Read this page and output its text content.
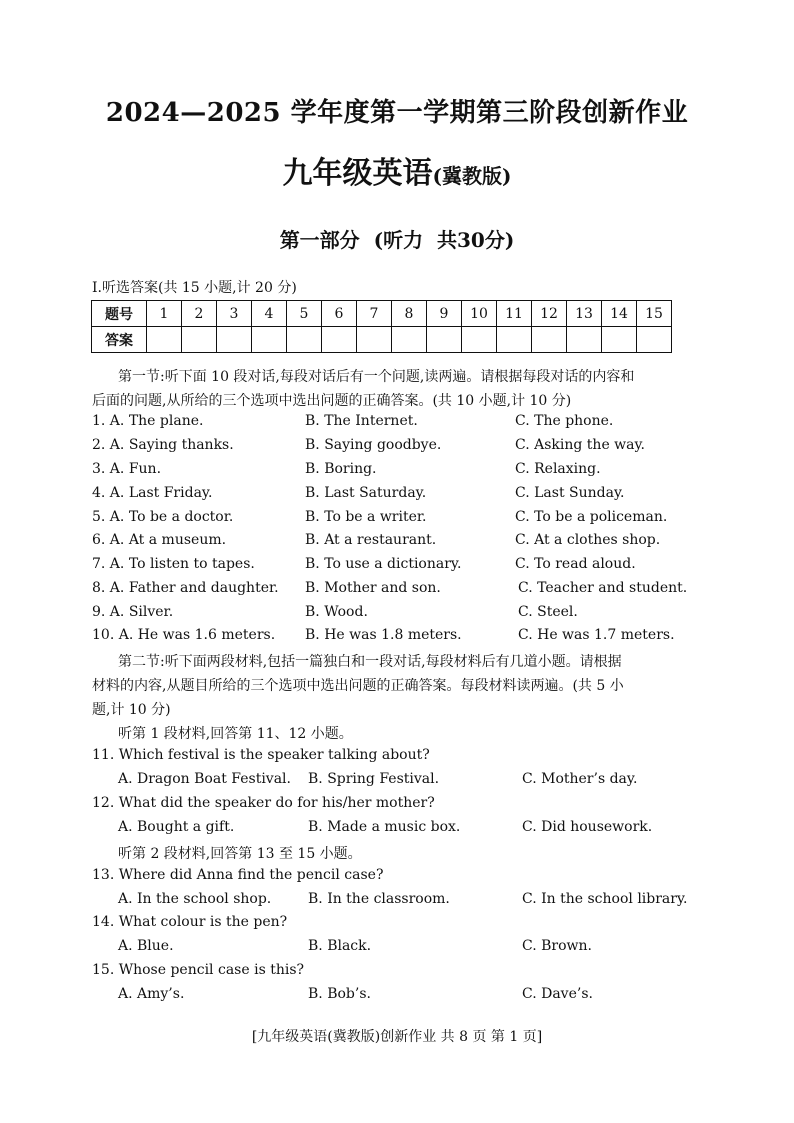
2024—2025 学年度第一学期第三阶段创新作业
九年级英语(冀教版)
第一部分  (听力  共30分)
Ⅰ.听选答案(共 15 小题,计 20 分)
题号	1	2	3	4	5	6	7	8	9	10	11	12	13	14	15
答案															
第一节:听下面 10 段对话,每段对话后有一个问题,读两遍。请根据每段对话的内容和
后面的问题,从所给的三个选项中选出问题的正确答案。(共 10 小题,计 10 分)
1. A. The plane.	B. The Internet.	C. The phone.
2. A. Saying thanks.	B. Saying goodbye.	C. Asking the way.
3. A. Fun.	B. Boring.	C. Relaxing.
4. A. Last Friday.	B. Last Saturday.	C. Last Sunday.
5. A. To be a doctor.	B. To be a writer.	C. To be a policeman.
6. A. At a museum.	B. At a restaurant.	C. At a clothes shop.
7. A. To listen to tapes.	B. To use a dictionary.	C. To read aloud.
8. A. Father and daughter. B. Mother and son.	C. Teacher and student.
9. A. Silver.	B. Wood.	C. Steel.
10. A. He was 1.6 meters. B. He was 1.8 meters.	C. He was 1.7 meters.
第二节:听下面两段材料,包括一篇独白和一段对话,每段材料后有几道小题。请根据
材料的内容,从题目所给的三个选项中选出问题的正确答案。每段材料读两遍。(共 5 小
题,计 10 分)
听第 1 段材料,回答第 11、12 小题。
11. Which festival is the speaker talking about?
A. Dragon Boat Festival. B. Spring Festival.	C. Mother’s day.
12. What did the speaker do for his/her mother?
A. Bought a gift.	B. Made a music box.	C. Did housework.
听第 2 段材料,回答第 13 至 15 小题。
13. Where did Anna find the pencil case?
A. In the school shop.	B. In the classroom.	C. In the school library.
14. What colour is the pen?
A. Blue.	B. Black.	C. Brown.
15. Whose pencil case is this?
A. Amy’s.	B. Bob’s.	C. Dave’s.
[九年级英语(冀教版)创新作业 共 8 页 第 1 页]
